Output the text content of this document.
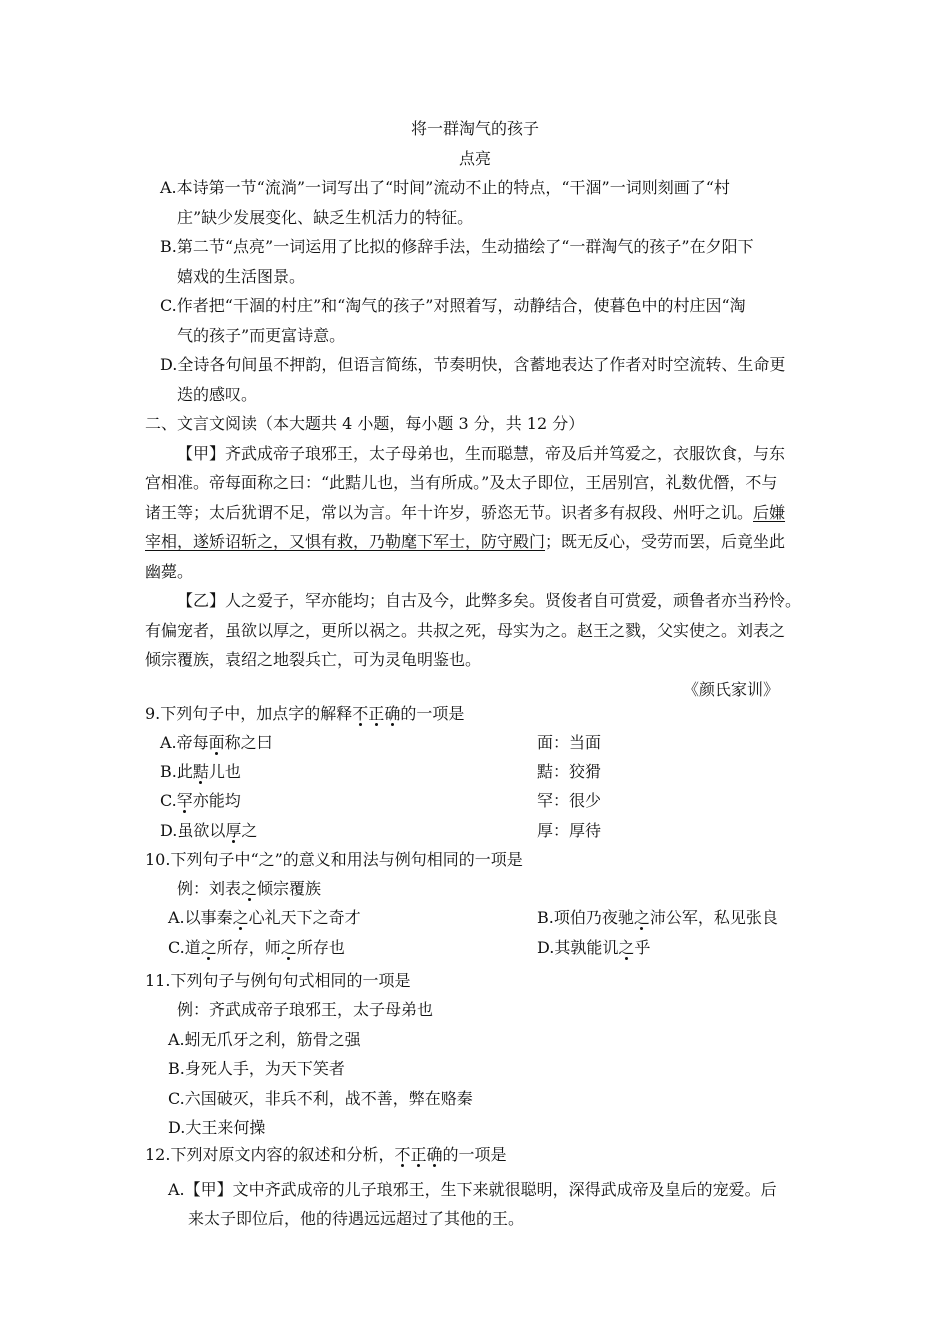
将一群淘气的孩子
点亮
A.本诗第一节“流淌”一词写出了“时间”流动不止的特点，“干涸”一词则刻画了“村
庄”缺少发展变化、缺乏生机活力的特征。
B.第二节“点亮”一词运用了比拟的修辞手法，生动描绘了“一群淘气的孩子”在夕阳下
嬉戏的生活图景。
C.作者把“干涸的村庄”和“淘气的孩子”对照着写，动静结合，使暮色中的村庄因“淘
气的孩子”而更富诗意。
D.全诗各句间虽不押韵，但语言简练，节奏明快，含蓄地表达了作者对时空流转、生命更
迭的感叹。
二、文言文阅读（本大题共 4 小题，每小题 3 分，共 12 分）
【甲】齐武成帝子琅邪王，太子母弟也，生而聪慧，帝及后并笃爱之，衣服饮食，与东
宫相准。帝每面称之曰：“此黠儿也，当有所成。”及太子即位，王居别宫，礼数优僭，不与
诸王等；太后犹谓不足，常以为言。年十许岁，骄恣无节。识者多有叔段、州吁之讥。后嫌
宰相，遂矫诏斩之，又惧有救，乃勒麾下军士，防守殿门；既无反心，受劳而罢，后竟坐此
幽薨。
【乙】人之爱子，罕亦能均；自古及今，此弊多矣。贤俊者自可赏爱，顽鲁者亦当矜怜。
有偏宠者，虽欲以厚之，更所以祸之。共叔之死，母实为之。赵王之戮，父实使之。刘表之
倾宗覆族，袁绍之地裂兵亡，可为灵龟明鉴也。
《颜氏家训》
9.下列句子中，加点字的解释不正确的一项是
A.帝每面称之曰	面：当面
B.此黠儿也	黠：狡猾
C.罕亦能均	罕：很少
D.虽欲以厚之	厚：厚待
10.下列句子中“之”的意义和用法与例句相同的一项是
例：刘表之倾宗覆族
A.以事秦之心礼天下之奇才	B.项伯乃夜驰之沛公军，私见张良
C.道之所存，师之所存也	D.其孰能讥之乎
11.下列句子与例句句式相同的一项是
例：齐武成帝子琅邪王，太子母弟也
A.蚓无爪牙之利，筋骨之强
B.身死人手，为天下笑者
C.六国破灭，非兵不利，战不善，弊在赂秦
D.大王来何操
12.下列对原文内容的叙述和分析，不正确的一项是
A.【甲】文中齐武成帝的儿子琅邪王，生下来就很聪明，深得武成帝及皇后的宠爱。后
来太子即位后，他的待遇远远超过了其他的王。
